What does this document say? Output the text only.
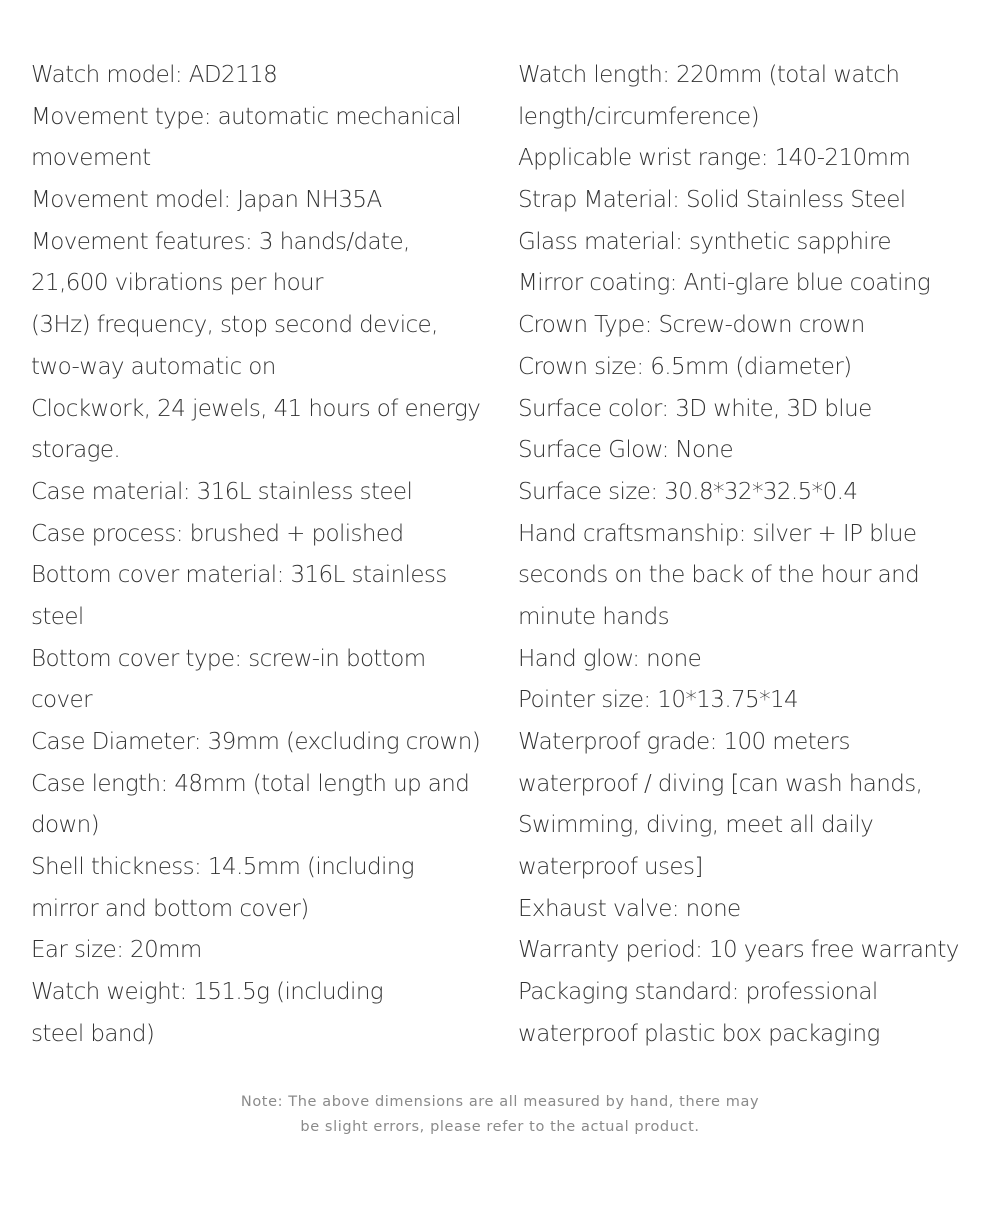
Watch model: AD2118
Movement type: automatic mechanical
movement
Movement model: Japan NH35A
Movement features: 3 hands/date,
21,600 vibrations per hour
(3Hz) frequency, stop second device,
two-way automatic on
Clockwork, 24 jewels, 41 hours of energy
storage.
Case material: 316L stainless steel
Case process: brushed + polished
Bottom cover material: 316L stainless
steel
Bottom cover type: screw-in bottom
cover
Case Diameter: 39mm (excluding crown)
Case length: 48mm (total length up and
down)
Shell thickness: 14.5mm (including
mirror and bottom cover)
Ear size: 20mm
Watch weight: 151.5g (including
steel band)
Watch length: 220mm (total watch
length/circumference)
Applicable wrist range: 140-210mm
Strap Material: Solid Stainless Steel
Glass material: synthetic sapphire
Mirror coating: Anti-glare blue coating
Crown Type: Screw-down crown
Crown size: 6.5mm (diameter)
Surface color: 3D white, 3D blue
Surface Glow: None
Surface size: 30.8*32*32.5*0.4
Hand craftsmanship: silver + IP blue
seconds on the back of the hour and
minute hands
Hand glow: none
Pointer size: 10*13.75*14
Waterproof grade: 100 meters
waterproof / diving [can wash hands,
Swimming, diving, meet all daily
waterproof uses]
Exhaust valve: none
Warranty period: 10 years free warranty
Packaging standard: professional
waterproof plastic box packaging
Note: The above dimensions are all measured by hand, there may
be slight errors, please refer to the actual product.
